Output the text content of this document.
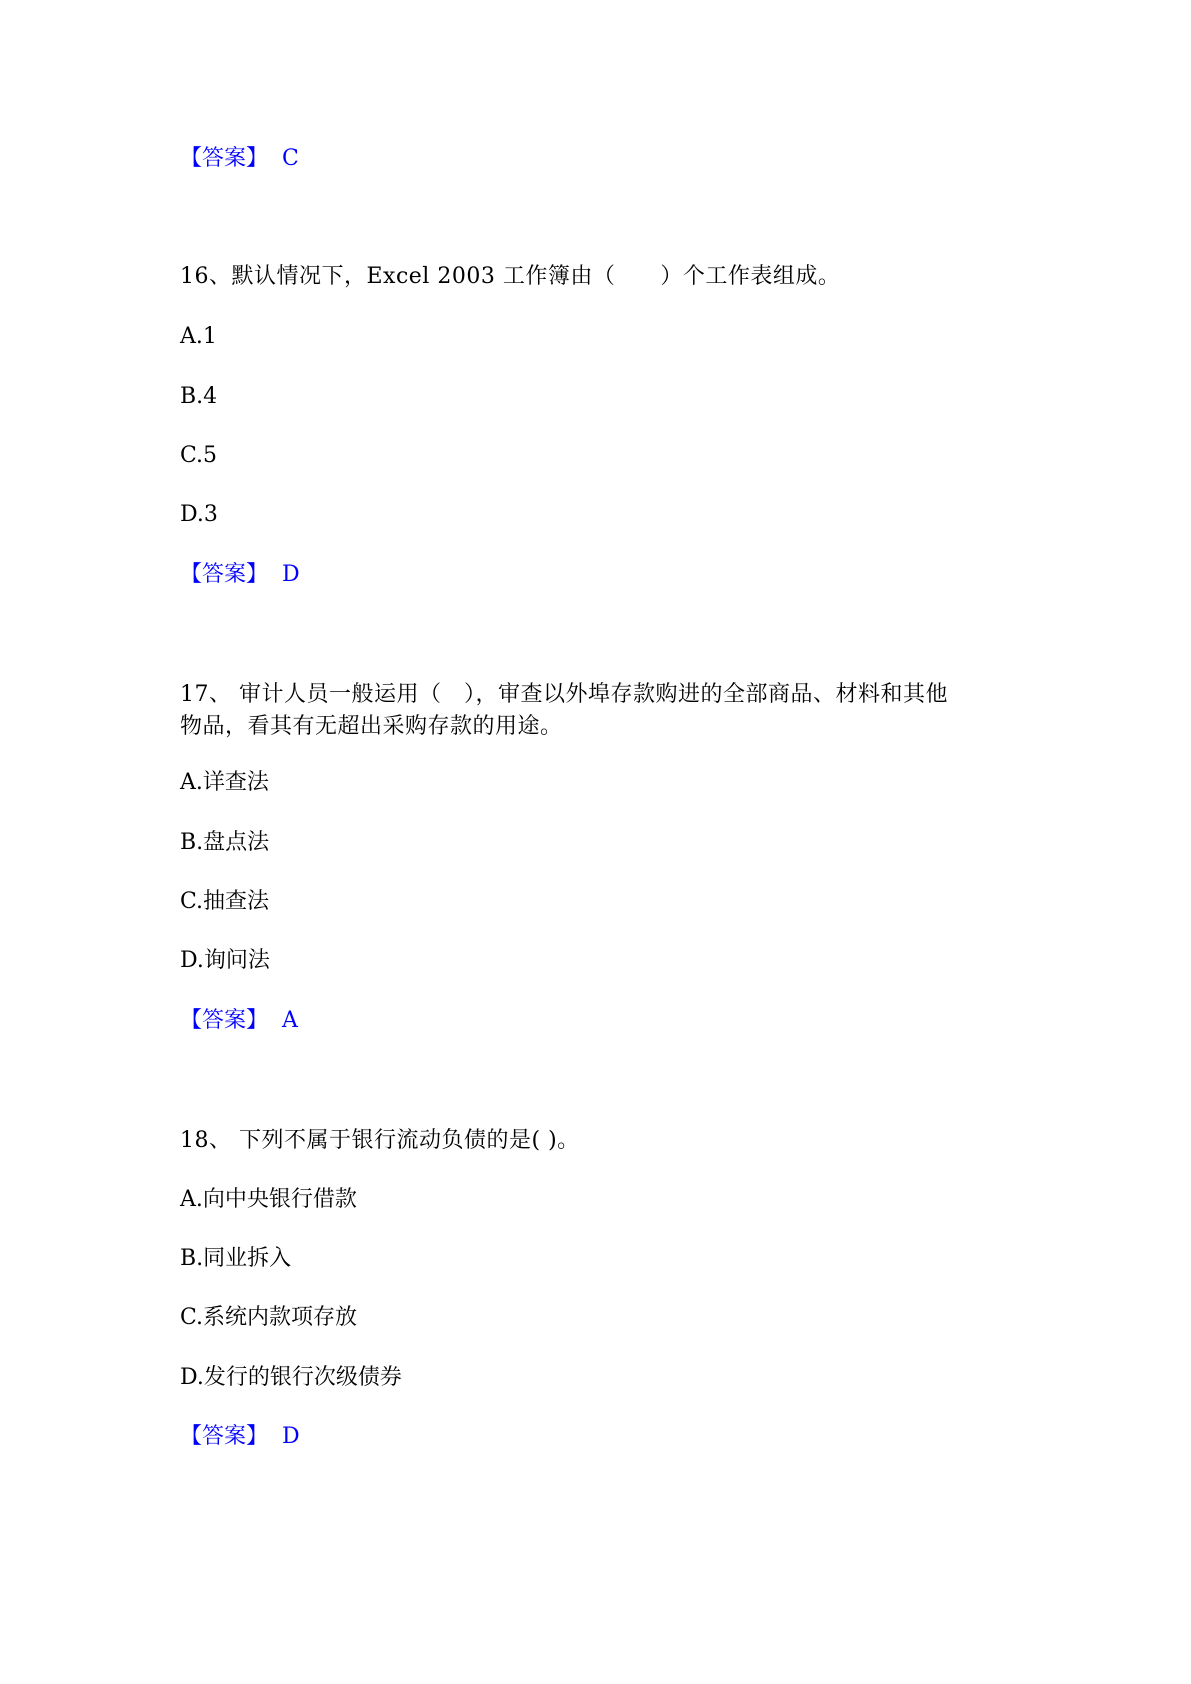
【答案】 C

16、默认情况下，Excel 2003 工作簿由（　　）个工作表组成。

A.1

B.4

C.5

D.3

【答案】 D

17、 审计人员一般运用（　），审查以外埠存款购进的全部商品、材料和其他

物品，看其有无超出采购存款的用途。

A.详查法

B.盘点法

C.抽查法

D.询问法

【答案】 A

18、 下列不属于银行流动负债的是( )。

A.向中央银行借款

B.同业拆入

C.系统内款项存放

D.发行的银行次级债券

【答案】 D
